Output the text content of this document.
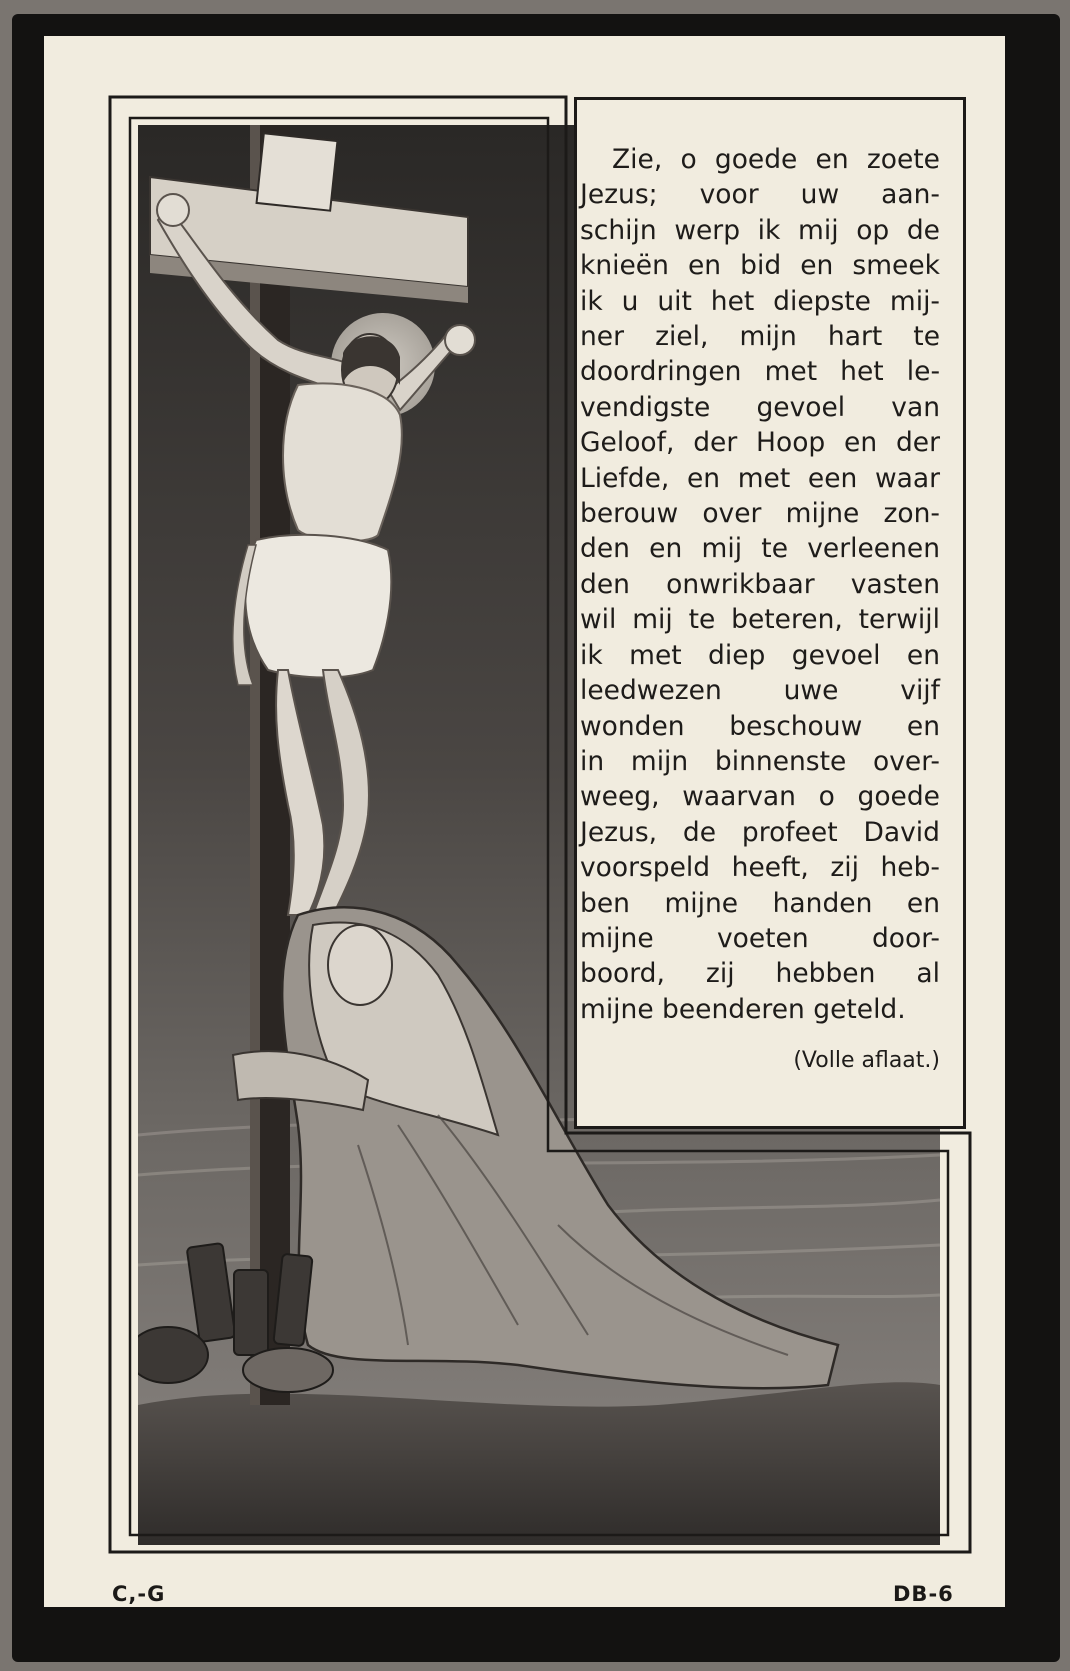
Zie, o goede en zoete
Jezus; voor uw aan-
schijn werp ik mij op de
knieën en bid en smeek
ik u uit het diepste mij-
ner ziel, mijn hart te
doordringen met het le-
vendigste gevoel van
Geloof, der Hoop en der
Liefde, en met een waar
berouw over mijne zon-
den en mij te verleenen
den onwrikbaar vasten
wil mij te beteren, terwijl
ik met diep gevoel en
leedwezen uwe vijf
wonden beschouw en
in mijn binnenste over-
weeg, waarvan o goede
Jezus, de profeet David
voorspeld heeft, zij heb-
ben mijne handen en
mijne voeten door-
boord, zij hebben al
mijne beenderen geteld.
(Volle aflaat.)
C,-G	DB-6
